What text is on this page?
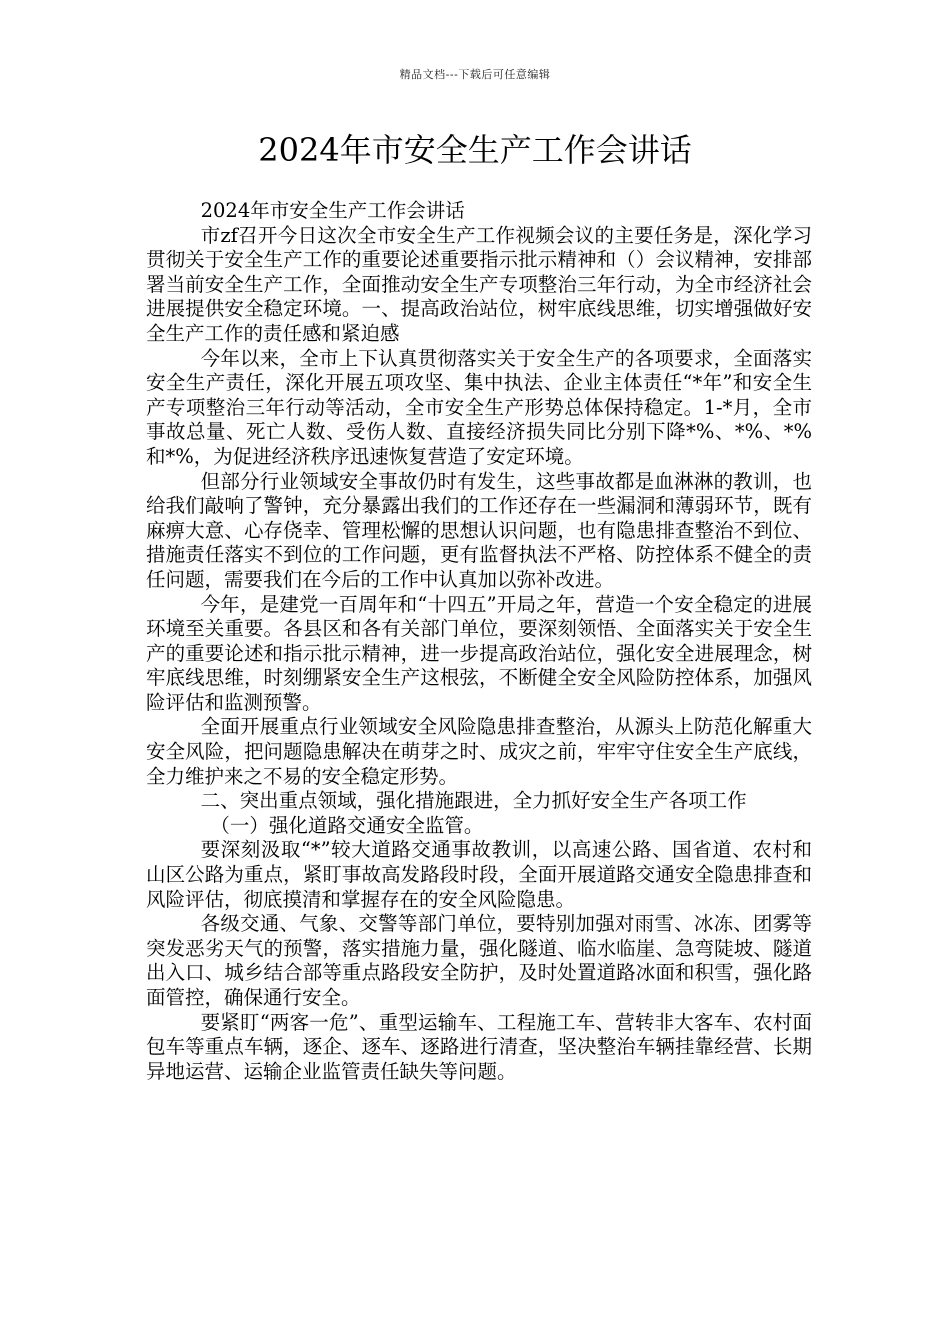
精品文档---下载后可任意编辑
2024年市安全生产工作会讲话

2024年市安全生产工作会讲话

市zf召开今日这次全市安全生产工作视频会议的主要任务是，深化学习贯彻关于安全生产工作的重要论述重要指示批示精神和（）会议精神，安排部署当前安全生产工作，全面推动安全生产专项整治三年行动，为全市经济社会进展提供安全稳定环境。一、提高政治站位，树牢底线思维，切实增强做好安全生产工作的责任感和紧迫感

今年以来，全市上下认真贯彻落实关于安全生产的各项要求，全面落实安全生产责任，深化开展五项攻坚、集中执法、企业主体责任“*年”和安全生产专项整治三年行动等活动，全市安全生产形势总体保持稳定。1-*月，全市事故总量、死亡人数、受伤人数、直接经济损失同比分别下降*%、*%、*%和*%，为促进经济秩序迅速恢复营造了安定环境。

但部分行业领域安全事故仍时有发生，这些事故都是血淋淋的教训，也给我们敲响了警钟，充分暴露出我们的工作还存在一些漏洞和薄弱环节，既有麻痹大意、心存侥幸、管理松懈的思想认识问题，也有隐患排查整治不到位、措施责任落实不到位的工作问题，更有监督执法不严格、防控体系不健全的责任问题，需要我们在今后的工作中认真加以弥补改进。

今年，是建党一百周年和“十四五”开局之年，营造一个安全稳定的进展环境至关重要。各县区和各有关部门单位，要深刻领悟、全面落实关于安全生产的重要论述和指示批示精神，进一步提高政治站位，强化安全进展理念，树牢底线思维，时刻绷紧安全生产这根弦，不断健全安全风险防控体系，加强风险评估和监测预警。

全面开展重点行业领域安全风险隐患排查整治，从源头上防范化解重大安全风险，把问题隐患解决在萌芽之时、成灾之前，牢牢守住安全生产底线，全力维护来之不易的安全稳定形势。

二、突出重点领域，强化措施跟进，全力抓好安全生产各项工作

（一）强化道路交通安全监管。

要深刻汲取“*”较大道路交通事故教训，以高速公路、国省道、农村和山区公路为重点，紧盯事故高发路段时段，全面开展道路交通安全隐患排查和风险评估，彻底摸清和掌握存在的安全风险隐患。

各级交通、气象、交警等部门单位，要特别加强对雨雪、冰冻、团雾等突发恶劣天气的预警，落实措施力量，强化隧道、临水临崖、急弯陡坡、隧道出入口、城乡结合部等重点路段安全防护，及时处置道路冰面和积雪，强化路面管控，确保通行安全。

要紧盯“两客一危”、重型运输车、工程施工车、营转非大客车、农村面包车等重点车辆，逐企、逐车、逐路进行清查，坚决整治车辆挂靠经营、长期异地运营、运输企业监管责任缺失等问题。
